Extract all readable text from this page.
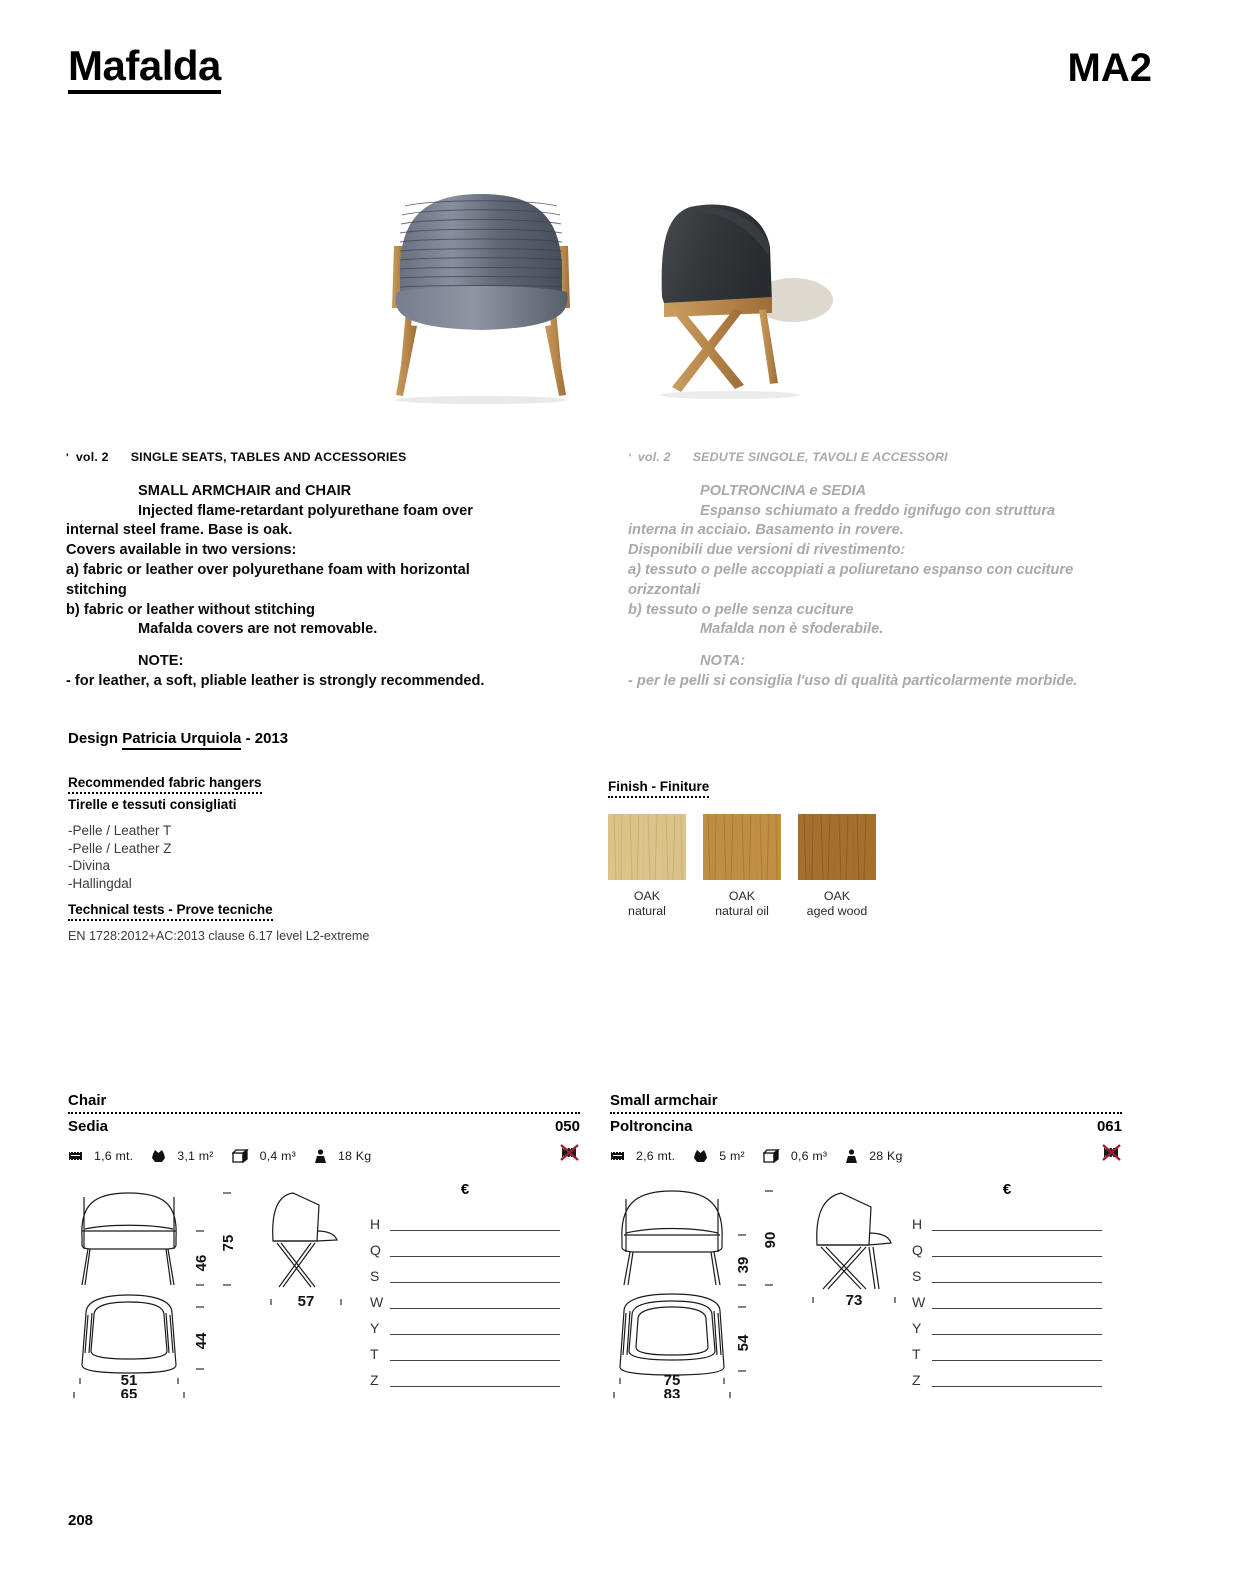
Mafalda	MA2
' vol. 2 SINGLE SEATS, TABLES AND ACCESSORIES
SMALL ARMCHAIR and CHAIR
Injected flame-retardant polyurethane foam over
internal steel frame. Base is oak.
Covers available in two versions:
a) fabric or leather over polyurethane foam with horizontal
stitching
b) fabric or leather without stitching
Mafalda covers are not removable.
NOTE:
- for leather, a soft, pliable leather is strongly recommended.
' vol. 2 SEDUTE SINGOLE, TAVOLI E ACCESSORI
POLTRONCINA e SEDIA
Espanso schiumato a freddo ignifugo con struttura
interna in acciaio. Basamento in rovere.
Disponibili due versioni di rivestimento:
a) tessuto o pelle accoppiati a poliuretano espanso con cuciture
orizzontali
b) tessuto o pelle senza cuciture
Mafalda non è sfoderabile.
NOTA:
- per le pelli si consiglia l'uso di qualità particolarmente morbide.
Design Patricia Urquiola - 2013
Recommended fabric hangers
Tirelle e tessuti consigliati
-Pelle / Leather T
-Pelle / Leather Z
-Divina
-Hallingdal
Technical tests - Prove tecniche
EN 1728:2012+AC:2013 clause 6.17 level L2-extreme
Finish - Finiture
OAK
natural
OAK
natural oil
OAK
aged wood
Chair
Sedia	050
1,6 mt.	3,1 m²	0,4 m³	18 Kg
46
75
57
44
51
65
€
H
Q
S
W
Y
T
Z
Small armchair
Poltroncina	061
2,6 mt.	5 m²	0,6 m³	28 Kg
39
90
73
54
75
83
€
H
Q
S
W
Y
T
Z
208
